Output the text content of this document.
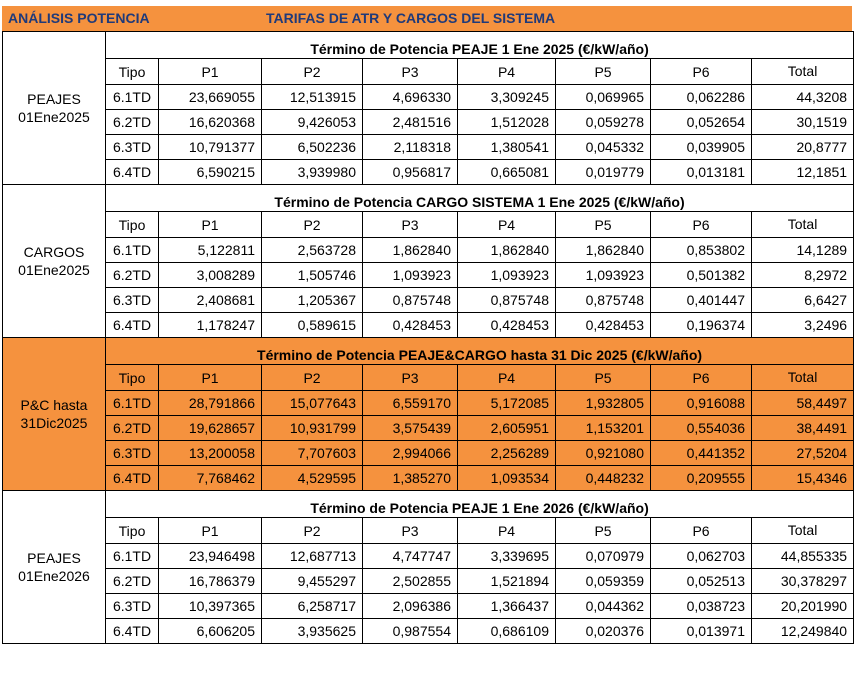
ANÁLISIS POTENCIA	TARIFAS DE ATR Y CARGOS DEL SISTEMA
PEAJES
01Ene2025	Término de Potencia PEAJE 1 Ene 2025 (€/kW/año)							
	Tipo	P1	P2	P3	P4	P5	P6	Total
	6.1TD	23,669055	12,513915	4,696330	3,309245	0,069965	0,062286	44,3208
	6.2TD	16,620368	9,426053	2,481516	1,512028	0,059278	0,052654	30,1519
	6.3TD	10,791377	6,502236	2,118318	1,380541	0,045332	0,039905	20,8777
	6.4TD	6,590215	3,939980	0,956817	0,665081	0,019779	0,013181	12,1851

CARGOS
01Ene2025	Término de Potencia CARGO SISTEMA 1 Ene 2025 (€/kW/año)							
	Tipo	P1	P2	P3	P4	P5	P6	Total
	6.1TD	5,122811	2,563728	1,862840	1,862840	1,862840	0,853802	14,1289
	6.2TD	3,008289	1,505746	1,093923	1,093923	1,093923	0,501382	8,2972
	6.3TD	2,408681	1,205367	0,875748	0,875748	0,875748	0,401447	6,6427
	6.4TD	1,178247	0,589615	0,428453	0,428453	0,428453	0,196374	3,2496

P&C hasta
31Dic2025	Término de Potencia PEAJE&CARGO hasta 31 Dic 2025 (€/kW/año)							
	Tipo	P1	P2	P3	P4	P5	P6	Total
	6.1TD	28,791866	15,077643	6,559170	5,172085	1,932805	0,916088	58,4497
	6.2TD	19,628657	10,931799	3,575439	2,605951	1,153201	0,554036	38,4491
	6.3TD	13,200058	7,707603	2,994066	2,256289	0,921080	0,441352	27,5204
	6.4TD	7,768462	4,529595	1,385270	1,093534	0,448232	0,209555	15,4346

PEAJES
01Ene2026	Término de Potencia PEAJE 1 Ene 2026 (€/kW/año)							
	Tipo	P1	P2	P3	P4	P5	P6	Total
	6.1TD	23,946498	12,687713	4,747747	3,339695	0,070979	0,062703	44,855335
	6.2TD	16,786379	9,455297	2,502855	1,521894	0,059359	0,052513	30,378297
	6.3TD	10,397365	6,258717	2,096386	1,366437	0,044362	0,038723	20,201990
	6.4TD	6,606205	3,935625	0,987554	0,686109	0,020376	0,013971	12,249840
